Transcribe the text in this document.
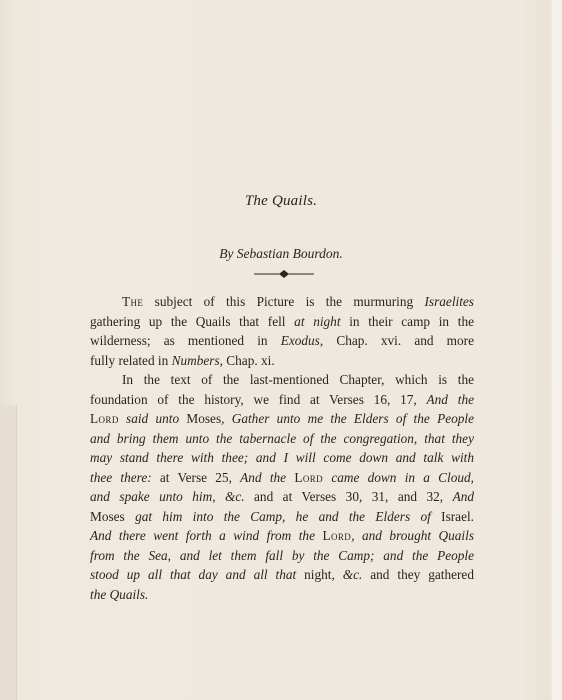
The Quails.
By Sebastian Bourdon.

The subject of this Picture is the murmuring Israelites
gathering up the Quails that fell at night in their camp in the
wilderness; as mentioned in Exodus, Chap. xvi. and more
fully related in Numbers, Chap. xi.

In the text of the last-mentioned Chapter, which is the
foundation of the history, we find at Verses 16, 17, And the
Lord said unto Moses, Gather unto me the Elders of the People
and bring them unto the tabernacle of the congregation, that they
may stand there with thee; and I will come down and talk with
thee there: at Verse 25, And the Lord came down in a Cloud,
and spake unto him, &c. and at Verses 30, 31, and 32, And
Moses gat him into the Camp, he and the Elders of Israel.
And there went forth a wind from the Lord, and brought Quails
from the Sea, and let them fall by the Camp; and the People
stood up all that day and all that night, &c. and they gathered
the Quails.
